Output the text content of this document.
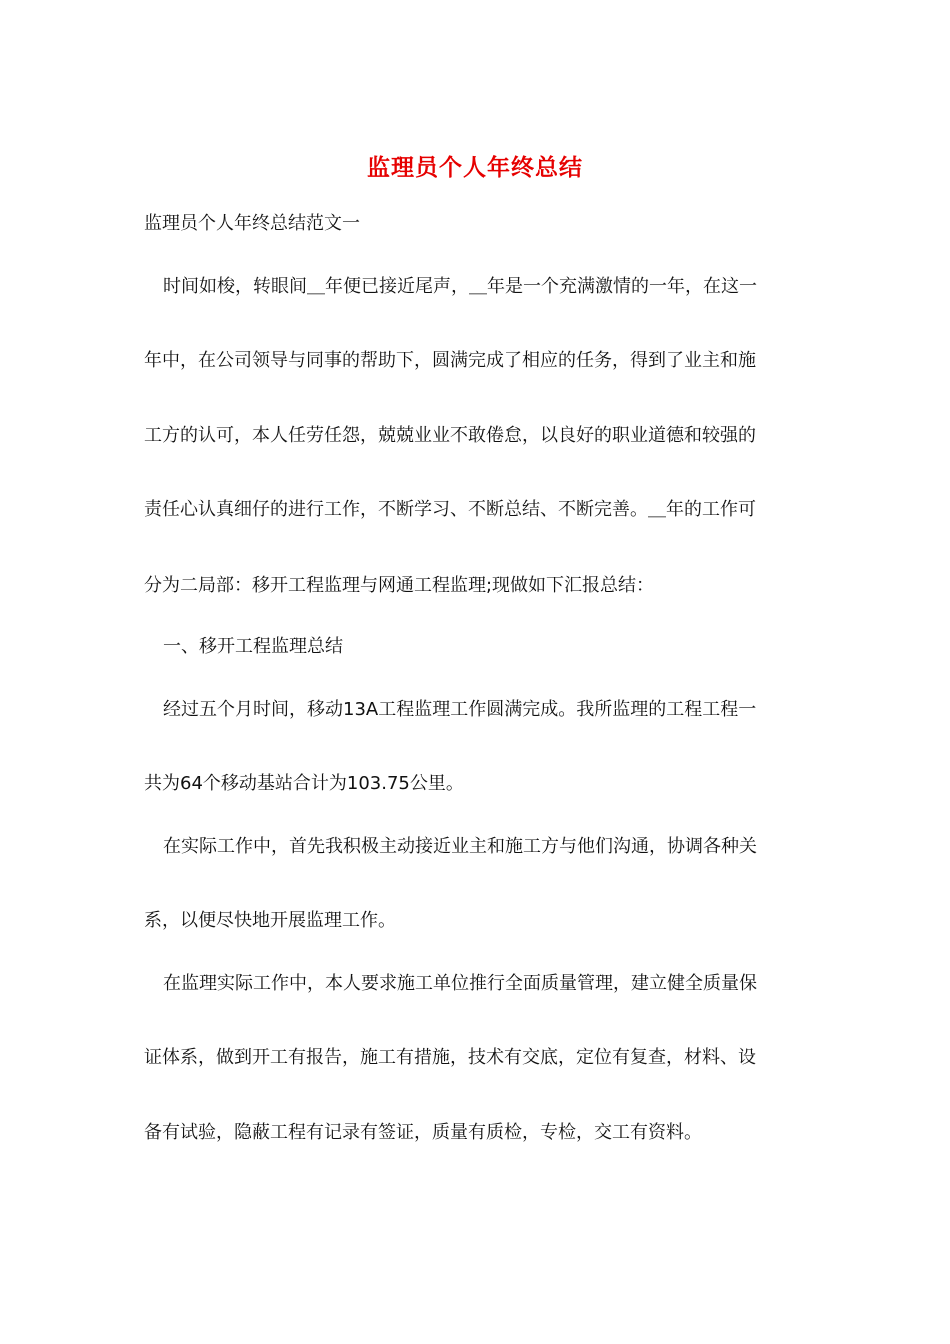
监理员个人年终总结

监理员个人年终总结范文一

时间如梭，转眼间＿年便已接近尾声，＿年是一个充满激情的一年，在这一

年中，在公司领导与同事的帮助下，圆满完成了相应的任务，得到了业主和施

工方的认可，本人任劳任怨，兢兢业业不敢倦怠，以良好的职业道德和较强的

责任心认真细仔的进行工作，不断学习、不断总结、不断完善。＿年的工作可

分为二局部：移开工程监理与网通工程监理;现做如下汇报总结：

一、移开工程监理总结

经过五个月时间，移动13A工程监理工作圆满完成。我所监理的工程工程一

共为64个移动基站合计为103.75公里。

在实际工作中，首先我积极主动接近业主和施工方与他们沟通，协调各种关

系，以便尽快地开展监理工作。

在监理实际工作中，本人要求施工单位推行全面质量管理，建立健全质量保

证体系，做到开工有报告，施工有措施，技术有交底，定位有复查，材料、设

备有试验，隐蔽工程有记录有签证，质量有质检，专检，交工有资料。
